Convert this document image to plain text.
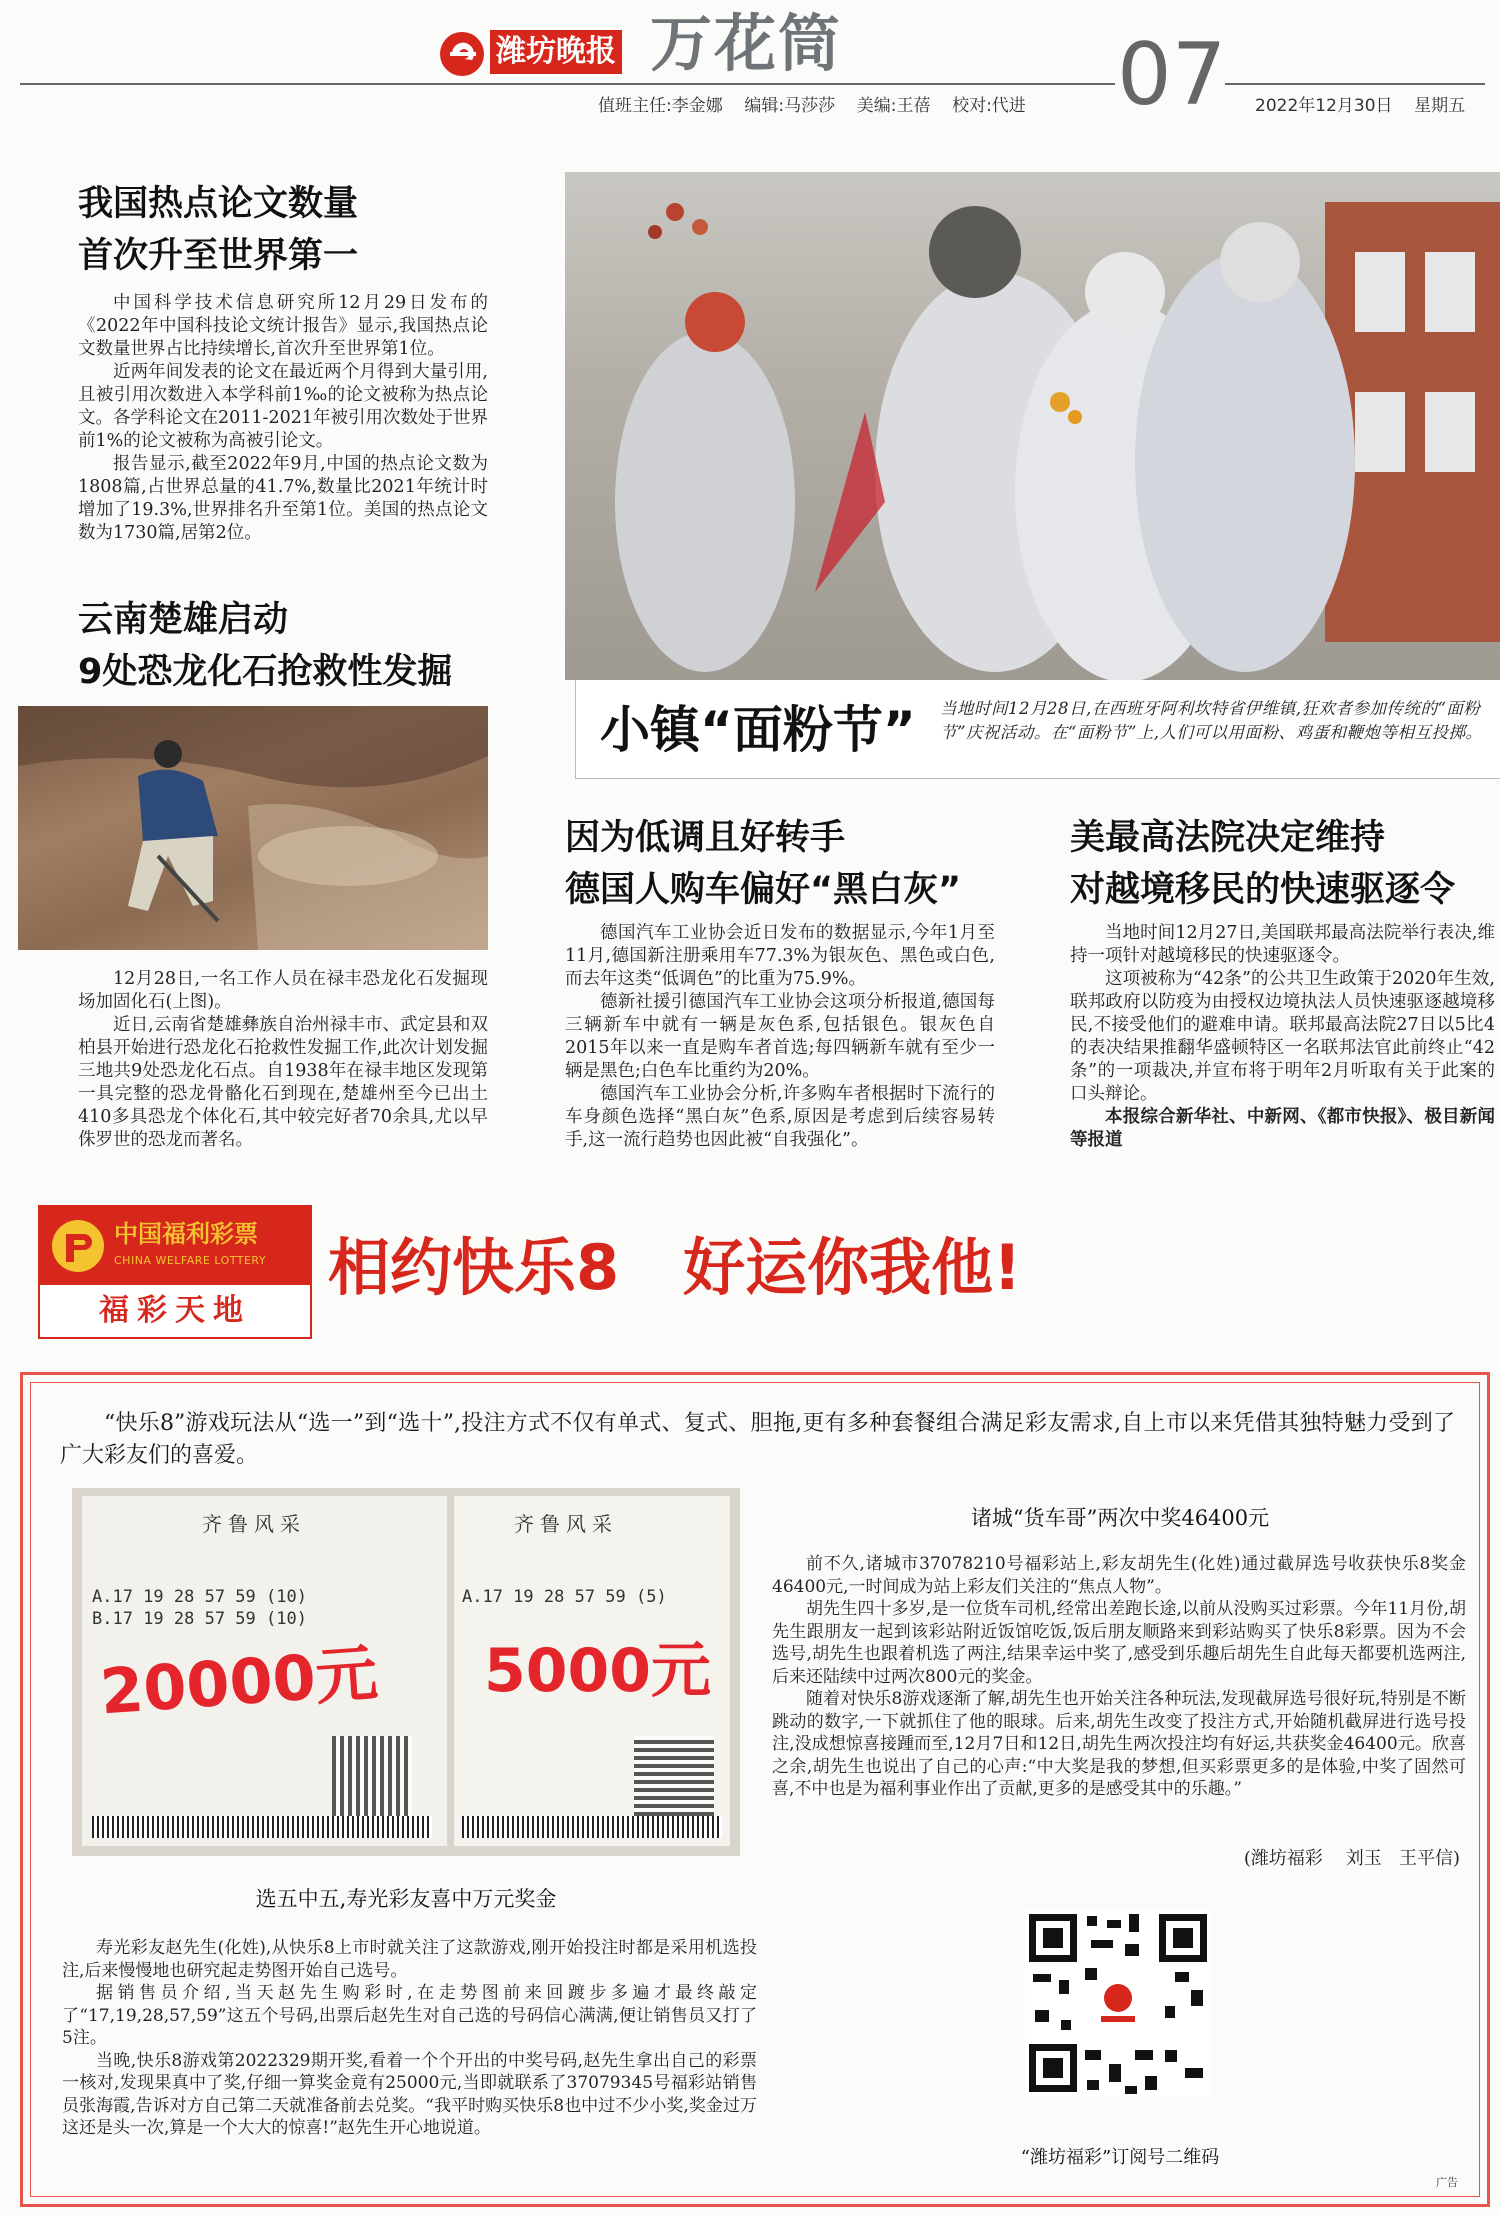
潍坊晚报 万花筒	07
值班主任:李金娜 编辑:马莎莎 美编:王蓓 校对:代进	2022年12月30日 星期五
我国热点论文数量
首次升至世界第一

中国科学技术信息研究所12月29日发布的《2022年中国科技论文统计报告》显示,我国热点论文数量世界占比持续增长,首次升至世界第1位。

近两年间发表的论文在最近两个月得到大量引用,且被引用次数进入本学科前1‰的论文被称为热点论文。各学科论文在2011-2021年被引用次数处于世界前1%的论文被称为高被引论文。

报告显示,截至2022年9月,中国的热点论文数为1808篇,占世界总量的41.7%,数量比2021年统计时增加了19.3%,世界排名升至第1位。美国的热点论文数为1730篇,居第2位。

云南楚雄启动
9处恐龙化石抢救性发掘

12月28日,一名工作人员在禄丰恐龙化石发掘现场加固化石(上图)。

近日,云南省楚雄彝族自治州禄丰市、武定县和双柏县开始进行恐龙化石抢救性发掘工作,此次计划发掘三地共9处恐龙化石点。自1938年在禄丰地区发现第一具完整的恐龙骨骼化石到现在,楚雄州至今已出土410多具恐龙个体化石,其中较完好者70余具,尤以早侏罗世的恐龙而著名。

小镇“面粉节” 当地时间12月28日,在西班牙阿利坎特省伊维镇,狂欢者参加传统的“面粉节”庆祝活动。在“面粉节”上,人们可以用面粉、鸡蛋和鞭炮等相互投掷。
因为低调且好转手
德国人购车偏好“黑白灰”

德国汽车工业协会近日发布的数据显示,今年1月至11月,德国新注册乘用车77.3%为银灰色、黑色或白色,而去年这类“低调色”的比重为75.9%。

德新社援引德国汽车工业协会这项分析报道,德国每三辆新车中就有一辆是灰色系,包括银色。银灰色自2015年以来一直是购车者首选;每四辆新车就有至少一辆是黑色;白色车比重约为20%。

德国汽车工业协会分析,许多购车者根据时下流行的车身颜色选择“黑白灰”色系,原因是考虑到后续容易转手,这一流行趋势也因此被“自我强化”。

美最高法院决定维持
对越境移民的快速驱逐令

当地时间12月27日,美国联邦最高法院举行表决,维持一项针对越境移民的快速驱逐令。

这项被称为“42条”的公共卫生政策于2020年生效,联邦政府以防疫为由授权边境执法人员快速驱逐越境移民,不接受他们的避难申请。联邦最高法院27日以5比4的表决结果推翻华盛顿特区一名联邦法官此前终止“42条”的一项裁决,并宣布将于明年2月听取有关于此案的口头辩论。

本报综合新华社、中新网、《都市快报》、极目新闻等报道

中国福利彩票
CHINA WELFARE LOTTERY
福彩天地
相约快乐8 好运你我他!
“快乐8”游戏玩法从“选一”到“选十”,投注方式不仅有单式、复式、胆拖,更有多种套餐组合满足彩友需求,自上市以来凭借其独特魅力受到了广大彩友们的喜爱。
齐鲁风采
A.17 19 28 57 59 (10)
B.17 19 28 57 59 (10)
20000元
齐鲁风采
A.17 19 28 57 59 (5)
5000元
选五中五,寿光彩友喜中万元奖金

寿光彩友赵先生(化姓),从快乐8上市时就关注了这款游戏,刚开始投注时都是采用机选投注,后来慢慢地也研究起走势图开始自己选号。

据销售员介绍,当天赵先生购彩时,在走势图前来回踱步多遍才最终敲定了“17,19,28,57,59”这五个号码,出票后赵先生对自己选的号码信心满满,便让销售员又打了5注。

当晚,快乐8游戏第2022329期开奖,看着一个个开出的中奖号码,赵先生拿出自己的彩票一核对,发现果真中了奖,仔细一算奖金竟有25000元,当即就联系了37079345号福彩站销售员张海霞,告诉对方自己第二天就准备前去兑奖。“我平时购买快乐8也中过不少小奖,奖金过万这还是头一次,算是一个大大的惊喜!”赵先生开心地说道。

诸城“货车哥”两次中奖46400元

前不久,诸城市37078210号福彩站上,彩友胡先生(化姓)通过截屏选号收获快乐8奖金46400元,一时间成为站上彩友们关注的“焦点人物”。

胡先生四十多岁,是一位货车司机,经常出差跑长途,以前从没购买过彩票。今年11月份,胡先生跟朋友一起到该彩站附近饭馆吃饭,饭后朋友顺路来到彩站购买了快乐8彩票。因为不会选号,胡先生也跟着机选了两注,结果幸运中奖了,感受到乐趣后胡先生自此每天都要机选两注,后来还陆续中过两次800元的奖金。

随着对快乐8游戏逐渐了解,胡先生也开始关注各种玩法,发现截屏选号很好玩,特别是不断跳动的数字,一下就抓住了他的眼球。后来,胡先生改变了投注方式,开始随机截屏进行选号投注,没成想惊喜接踵而至,12月7日和12日,胡先生两次投注均有好运,共获奖金46400元。欣喜之余,胡先生也说出了自己的心声:“中大奖是我的梦想,但买彩票更多的是体验,中奖了固然可喜,不中也是为福利事业作出了贡献,更多的是感受其中的乐趣。”

(潍坊福彩    刘玉   王平信)
“潍坊福彩”订阅号二维码
广告
